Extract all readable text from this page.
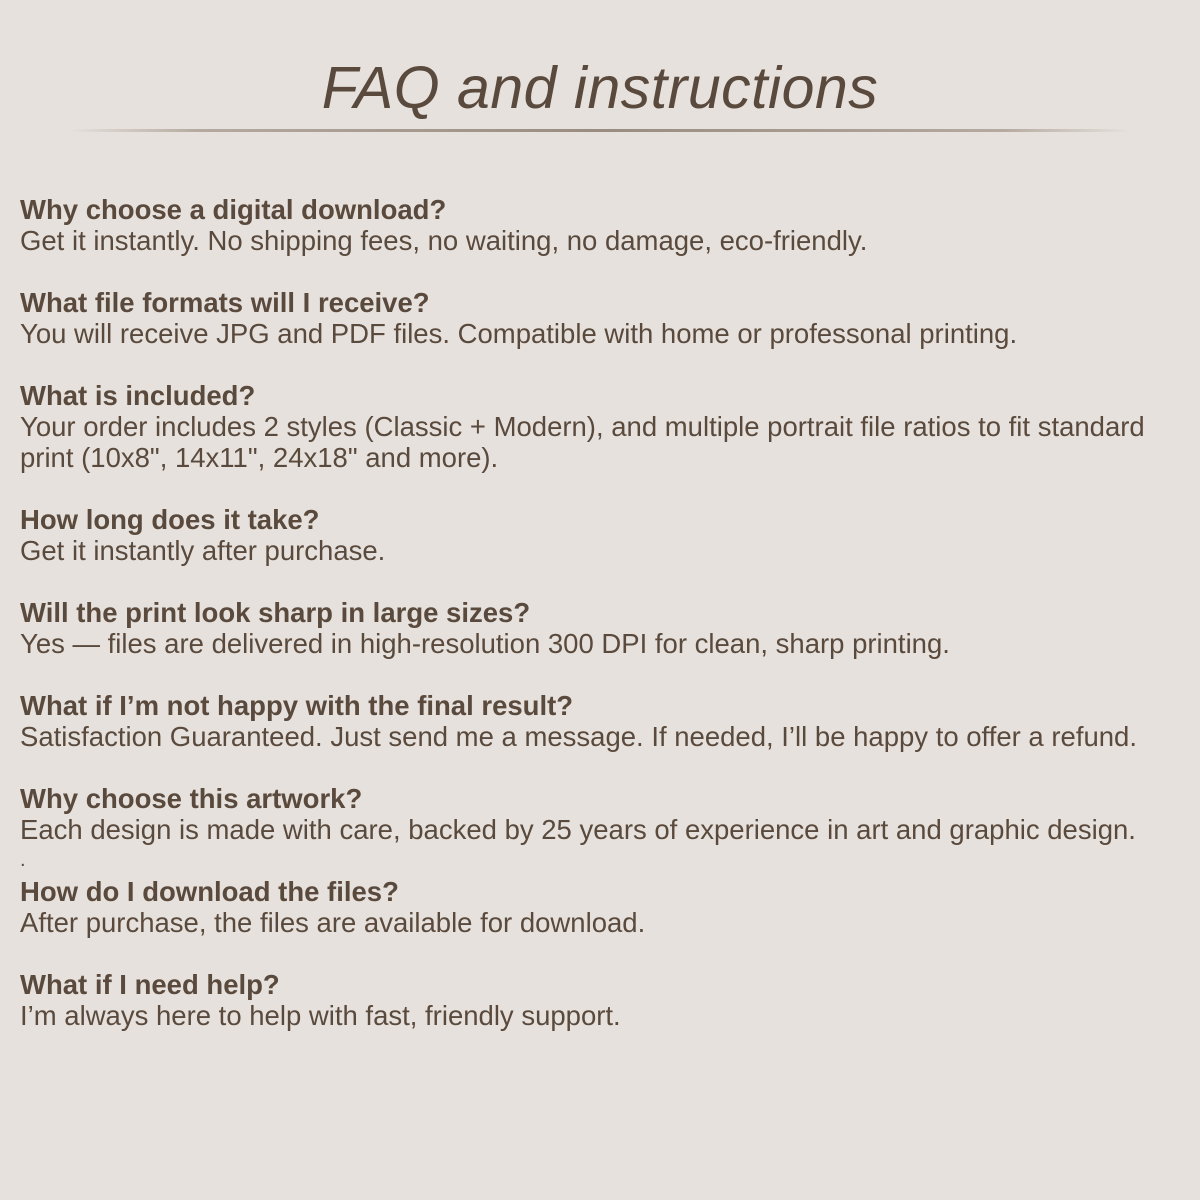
FAQ and instructions
Why choose a digital download?
Get it instantly. No shipping fees, no waiting, no damage, eco-friendly.
What file formats will I receive?
You will receive JPG and PDF files. Compatible with home or professonal printing.
What is included?
Your order includes 2 styles (Classic + Modern), and multiple portrait file ratios to fit standard print (10x8", 14x11", 24x18" and more).
How long does it take?
Get it instantly after purchase.
Will the print look sharp in large sizes?
Yes — files are delivered in high-resolution 300 DPI for clean, sharp printing.
What if I’m not happy with the final result?
Satisfaction Guaranteed. Just send me a message. If needed, I’ll be happy to offer a refund.
Why choose this artwork?
Each design is made with care, backed by 25 years of experience in art and graphic design.
.
How do I download the files?
After purchase, the files are available for download.
What if I need help?
I’m always here to help with fast, friendly support.
